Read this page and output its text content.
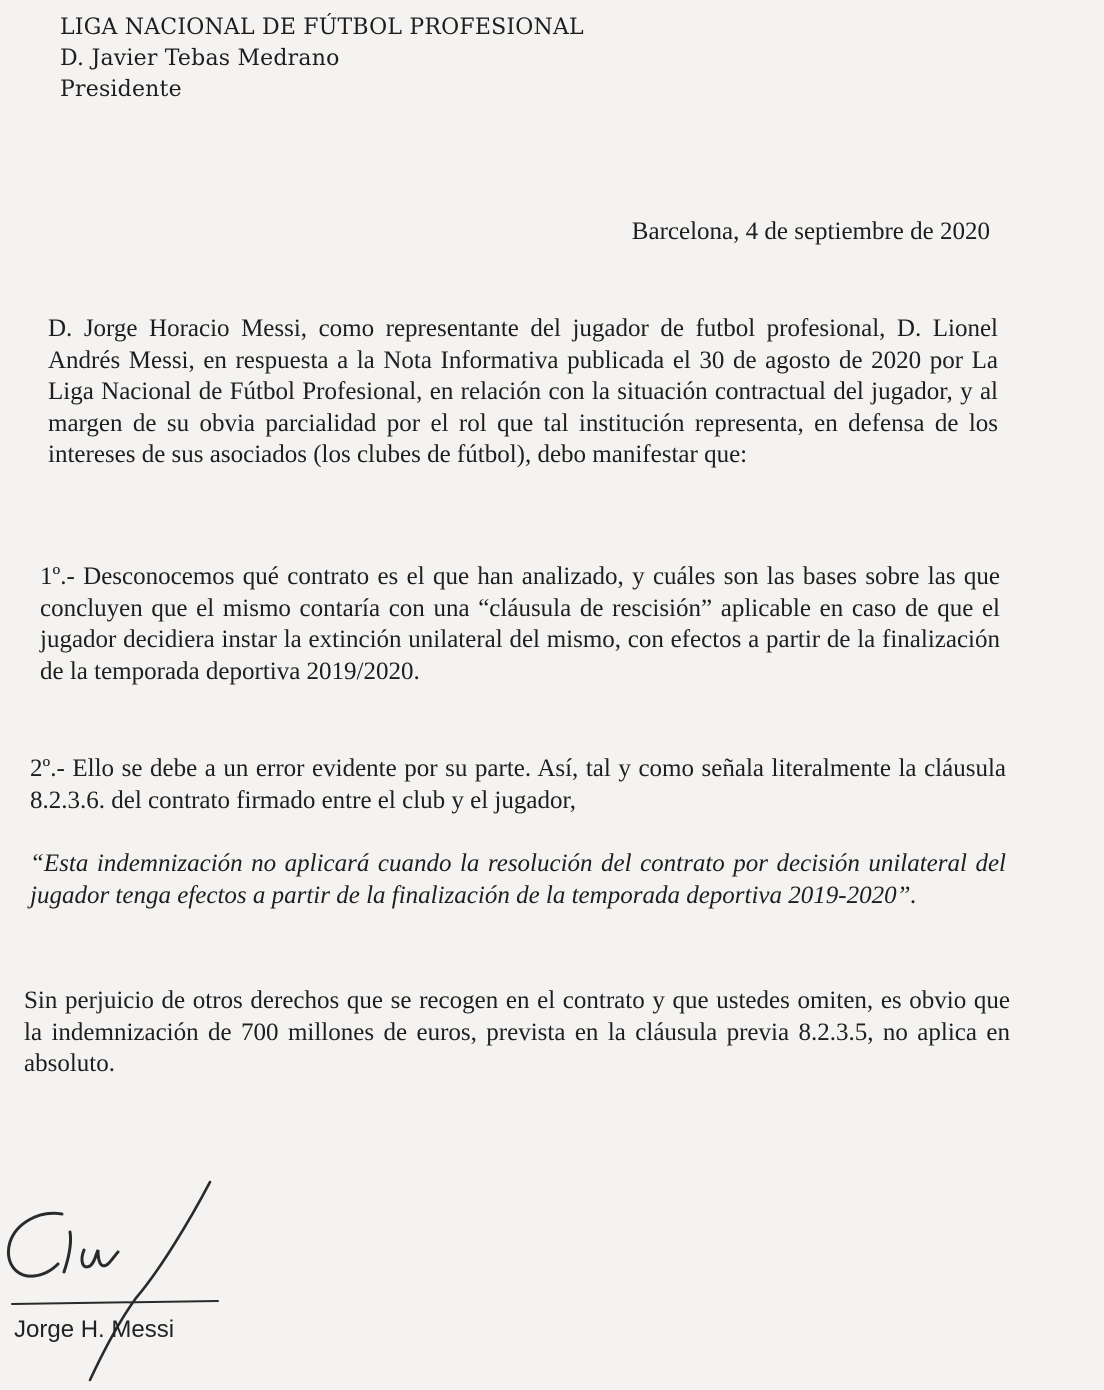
LIGA NACIONAL DE FÚTBOL PROFESIONAL
D. Javier Tebas Medrano
Presidente
Barcelona, 4 de septiembre de 2020

D. Jorge Horacio Messi, como representante del jugador de futbol profesional, D. Lionel Andrés Messi, en respuesta a la Nota Informativa publicada el 30 de agosto de 2020 por La Liga Nacional de Fútbol Profesional, en relación con la situación contractual del jugador, y al margen de su obvia parcialidad por el rol que tal institución representa, en defensa de los intereses de sus asociados (los clubes de fútbol), debo manifestar que:

1º.- Desconocemos qué contrato es el que han analizado, y cuáles son las bases sobre las que concluyen que el mismo contaría con una “cláusula de rescisión” aplicable en caso de que el jugador decidiera instar la extinción unilateral del mismo, con efectos a partir de la finalización de la temporada deportiva 2019/2020.

2º.- Ello se debe a un error evidente por su parte. Así, tal y como señala literalmente la cláusula 8.2.3.6. del contrato firmado entre el club y el jugador,

“Esta indemnización no aplicará cuando la resolución del contrato por decisión unilateral del jugador tenga efectos a partir de la finalización de la temporada deportiva 2019-2020”.

Sin perjuicio de otros derechos que se recogen en el contrato y que ustedes omiten, es obvio que la indemnización de 700 millones de euros, prevista en la cláusula previa 8.2.3.5, no aplica en absoluto.

Jorge H. Messi
